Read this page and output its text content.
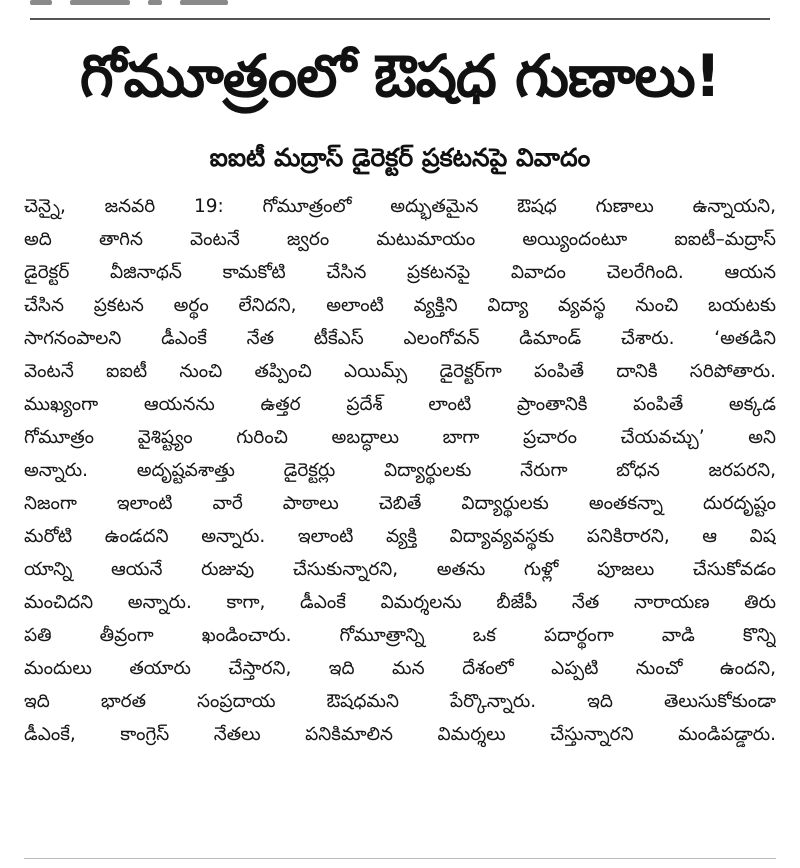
గోమూత్రంలో ఔషధ గుణాలు!
ఐఐటీ మద్రాస్ డైరెక్టర్ ప్రకటనపై వివాదం
చెన్నై, జనవరి 19: గోమూత్రంలో అద్భుతమైన ఔషధ గుణాలు ఉన్నాయని,
అది తాగిన వెంటనే జ్వరం మటుమాయం అయ్యిందంటూ ఐఐటీ–మద్రాస్
డైరెక్టర్ వీజినాథన్ కామకోటి చేసిన ప్రకటనపై వివాదం చెలరేగింది. ఆయన
చేసిన ప్రకటన అర్థం లేనిదని, అలాంటి వ్యక్తిని విద్యా వ్యవస్థ నుంచి బయటకు
సాగనంపాలని డీఎంకే నేత టీకేఎస్ ఎలంగోవన్ డిమాండ్ చేశారు. ‘అతడిని
వెంటనే ఐఐటీ నుంచి తప్పించి ఎయిమ్స్ డైరెక్టర్‌గా పంపితే దానికి సరిపోతారు.
ముఖ్యంగా ఆయనను ఉత్తర ప్రదేశ్ లాంటి ప్రాంతానికి పంపితే అక్కడ
గోమూత్రం వైశిష్ట్యం గురించి అబద్ధాలు బాగా ప్రచారం చేయవచ్చు’ అని
అన్నారు. అదృష్టవశాత్తు డైరెక్టర్లు విద్యార్థులకు నేరుగా బోధన జరపరని,
నిజంగా ఇలాంటి వారే పాఠాలు చెబితే విద్యార్థులకు అంతకన్నా దురదృష్టం
మరోటి ఉండదని అన్నారు. ఇలాంటి వ్యక్తి విద్యావ్యవస్థకు పనికిరారని, ఆ విష
యాన్ని ఆయనే రుజువు చేసుకున్నారని, అతను గుళ్లో పూజలు చేసుకోవడం
మంచిదని అన్నారు. కాగా, డీఎంకే విమర్శలను బీజేపీ నేత నారాయణ తిరు
పతి తీవ్రంగా ఖండించారు. గోమూత్రాన్ని ఒక పదార్థంగా వాడి కొన్ని
మందులు తయారు చేస్తారని, ఇది మన దేశంలో ఎప్పటి నుంచో ఉందని,
ఇది భారత సంప్రదాయ ఔషధమని పేర్కొన్నారు. ఇది తెలుసుకోకుండా
డీఎంకే, కాంగ్రెస్ నేతలు పనికిమాలిన విమర్శలు చేస్తున్నారని మండిపడ్డారు.
